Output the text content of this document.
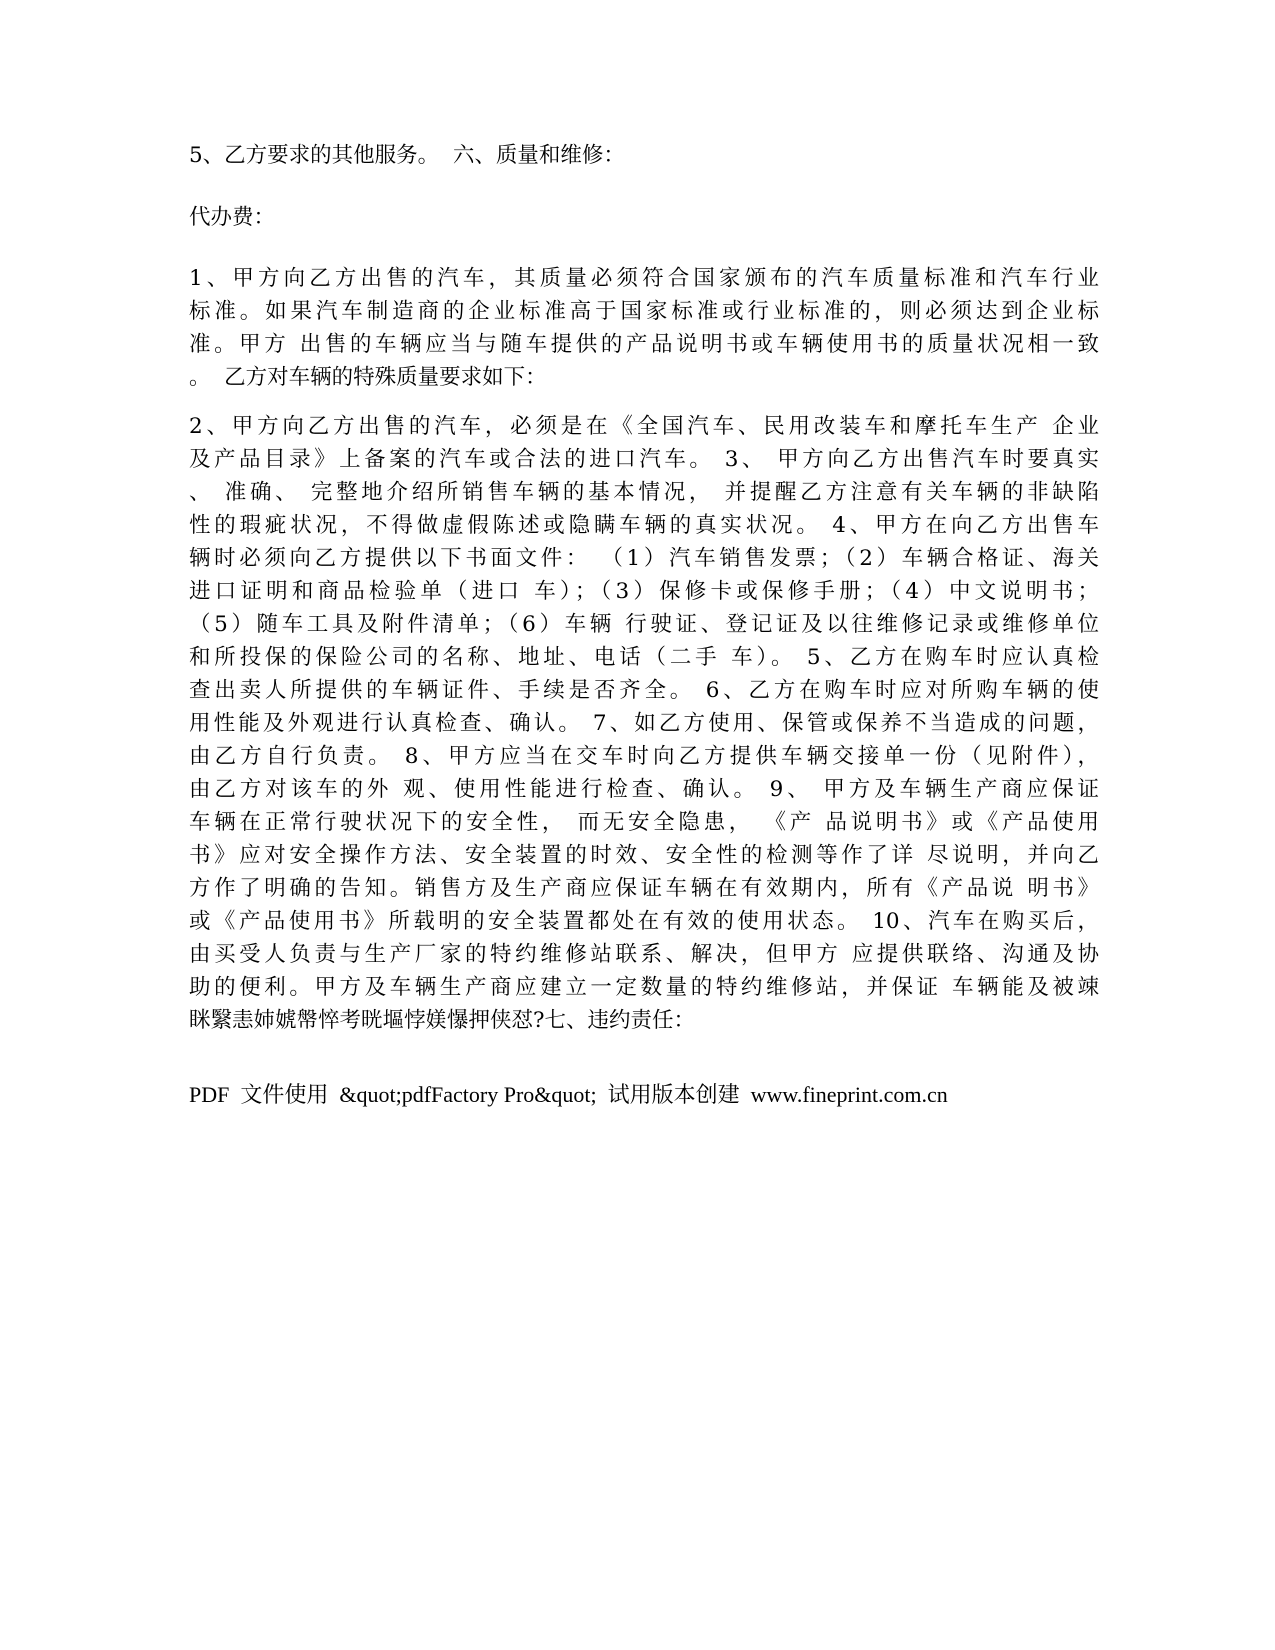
5、乙方要求的其他服务。  六、质量和维修：
代办费：
1、甲方向乙方出售的汽车，其质量必须符合国家颁布的汽车质量标准和汽车行业
标准。如果汽车制造商的企业标准高于国家标准或行业标准的，则必须达到企业标
准。甲方 出售的车辆应当与随车提供的产品说明书或车辆使用书的质量状况相一致
。  乙方对车辆的特殊质量要求如下：
2、甲方向乙方出售的汽车，必须是在《全国汽车、民用改装车和摩托车生产 企业
及产品目录》上备案的汽车或合法的进口汽车。 3、 甲方向乙方出售汽车时要真实
、 准确、 完整地介绍所销售车辆的基本情况， 并提醒乙方注意有关车辆的非缺陷
性的瑕疵状况，不得做虚假陈述或隐瞒车辆的真实状况。 4、甲方在向乙方出售车
辆时必须向乙方提供以下书面文件： （1）汽车销售发票；（2）车辆合格证、海关
进口证明和商品检验单（进口 车）；（3）保修卡或保修手册；（4）中文说明书；
（5）随车工具及附件清单；（6）车辆 行驶证、登记证及以往维修记录或维修单位
和所投保的保险公司的名称、地址、电话（二手 车）。 5、乙方在购车时应认真检
查出卖人所提供的车辆证件、手续是否齐全。 6、乙方在购车时应对所购车辆的使
用性能及外观进行认真检查、确认。 7、如乙方使用、保管或保养不当造成的问题，
由乙方自行负责。 8、甲方应当在交车时向乙方提供车辆交接单一份（见附件），
由乙方对该车的外 观、使用性能进行检查、确认。 9、 甲方及车辆生产商应保证
车辆在正常行驶状况下的安全性， 而无安全隐患， 《产 品说明书》或《产品使用
书》应对安全操作方法、安全装置的时效、安全性的检测等作了详 尽说明，并向乙
方作了明确的告知。销售方及生产商应保证车辆在有效期内，所有《产品说 明书》
或《产品使用书》所载明的安全装置都处在有效的使用状态。 10、汽车在购买后，
由买受人负责与生产厂家的特约维修站联系、解决，但甲方 应提供联络、沟通及协
助的便利。甲方及车辆生产商应建立一定数量的特约维修站，并保证 车辆能及被竦
眯繄恚姉婋幋悴考晄塸悖媄懪押侠怼?七、违约责任：
PDF  文件使用  &quot;pdfFactory Pro&quot;  试用版本创建  www.fineprint.com.cn
